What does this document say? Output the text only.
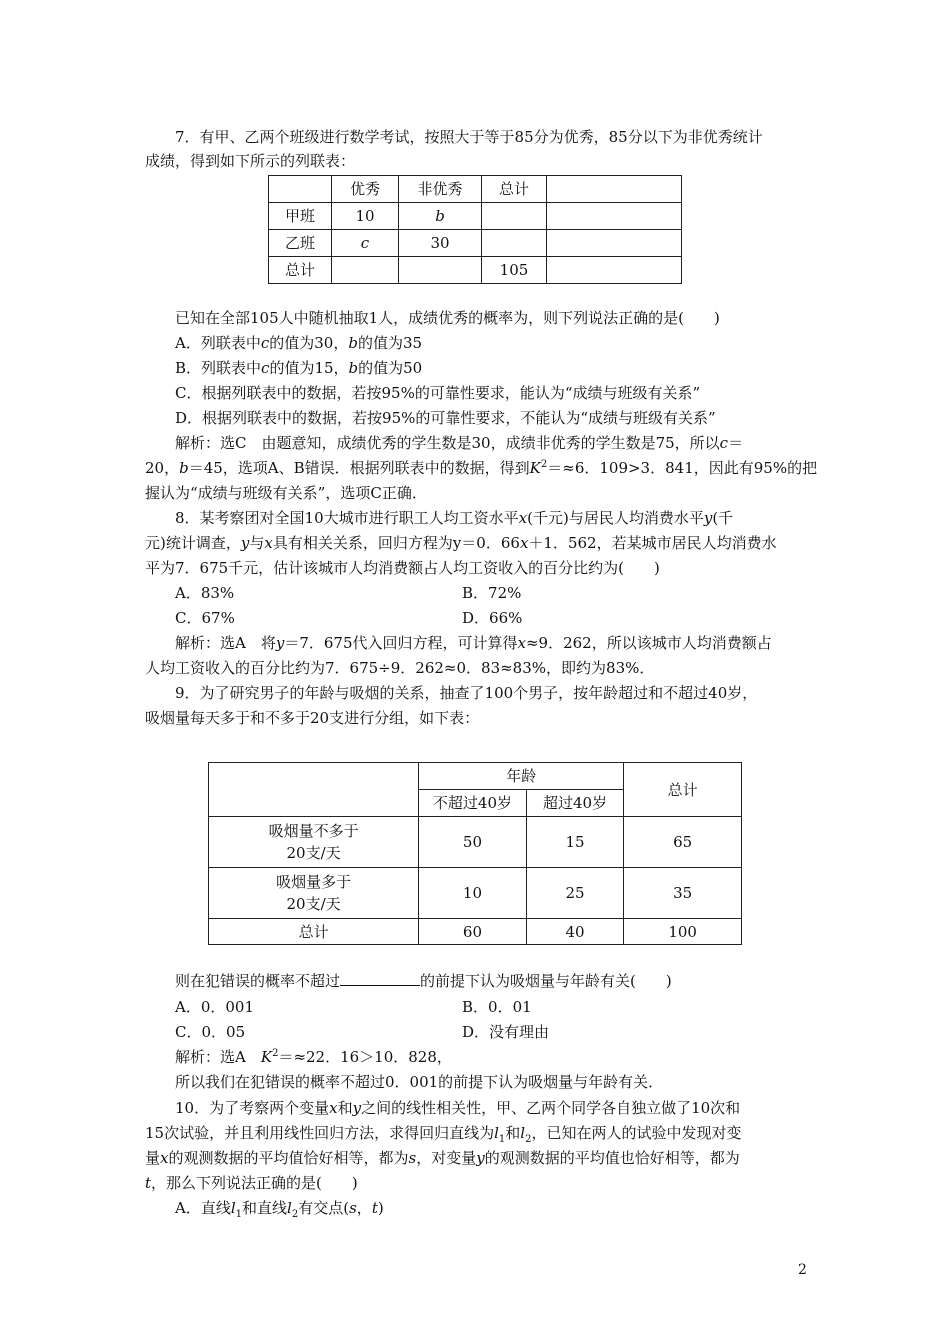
7．有甲、乙两个班级进行数学考试，按照大于等于85分为优秀，85分以下为非优秀统计
成绩，得到如下所示的列联表：
	优秀	非优秀	总计	
甲班	10	b		
乙班	c	30		
总计			105	
已知在全部105人中随机抽取1人，成绩优秀的概率为，则下列说法正确的是(　　)
A．列联表中c的值为30，b的值为35
B．列联表中c的值为15，b的值为50
C．根据列联表中的数据，若按95%的可靠性要求，能认为“成绩与班级有关系”
D．根据列联表中的数据，若按95%的可靠性要求，不能认为“成绩与班级有关系”
解析：选C　由题意知，成绩优秀的学生数是30，成绩非优秀的学生数是75，所以c＝
20，b＝45，选项A、B错误．根据列联表中的数据，得到$K^2=\approx 6$．109>3．841，因此有95%的把
握认为“成绩与班级有关系”，选项C正确．
8．某考察团对全国10大城市进行职工人均工资水平x(千元)与居民人均消费水平y(千
元)统计调查，y与x具有相关关系，回归方程为y＝0．66x＋1．562，若某城市居民人均消费水
平为7．675千元，估计该城市人均消费额占人均工资收入的百分比约为(　　)
A．83%	B．72%
C．67%	D．66%
解析：选A　将y＝7．675代入回归方程，可计算得x≈9．262，所以该城市人均消费额占
人均工资收入的百分比约为7．675÷9．262≈0．83≈83%，即约为83%．
9．为了研究男子的年龄与吸烟的关系，抽查了100个男子，按年龄超过和不超过40岁，
吸烟量每天多于和不多于20支进行分组，如下表：
	年龄		总计
	不超过40岁	超过40岁	

吸烟量不多于
20支/天	50	15	65

吸烟量多于
20支/天	10	25	35
总计	60	40	100
则在犯错误的概率不超过	的前提下认为吸烟量与年龄有关(　　)
A．0．001	B．0．01
C．0．05	D．没有理由
解析：选A　$K^2=\approx 22$．16＞10．828，
所以我们在犯错误的概率不超过0．001的前提下认为吸烟量与年龄有关．
10．为了考察两个变量x和y之间的线性相关性，甲、乙两个同学各自独立做了10次和
15次试验，并且利用线性回归方法，求得回归直线为$l_1$和$l_2$，已知在两人的试验中发现对变
量x的观测数据的平均值恰好相等，都为s，对变量y的观测数据的平均值也恰好相等，都为
t，那么下列说法正确的是(　　)
A．直线$l_1$和直线$l_2$有交点(s，t)
2
